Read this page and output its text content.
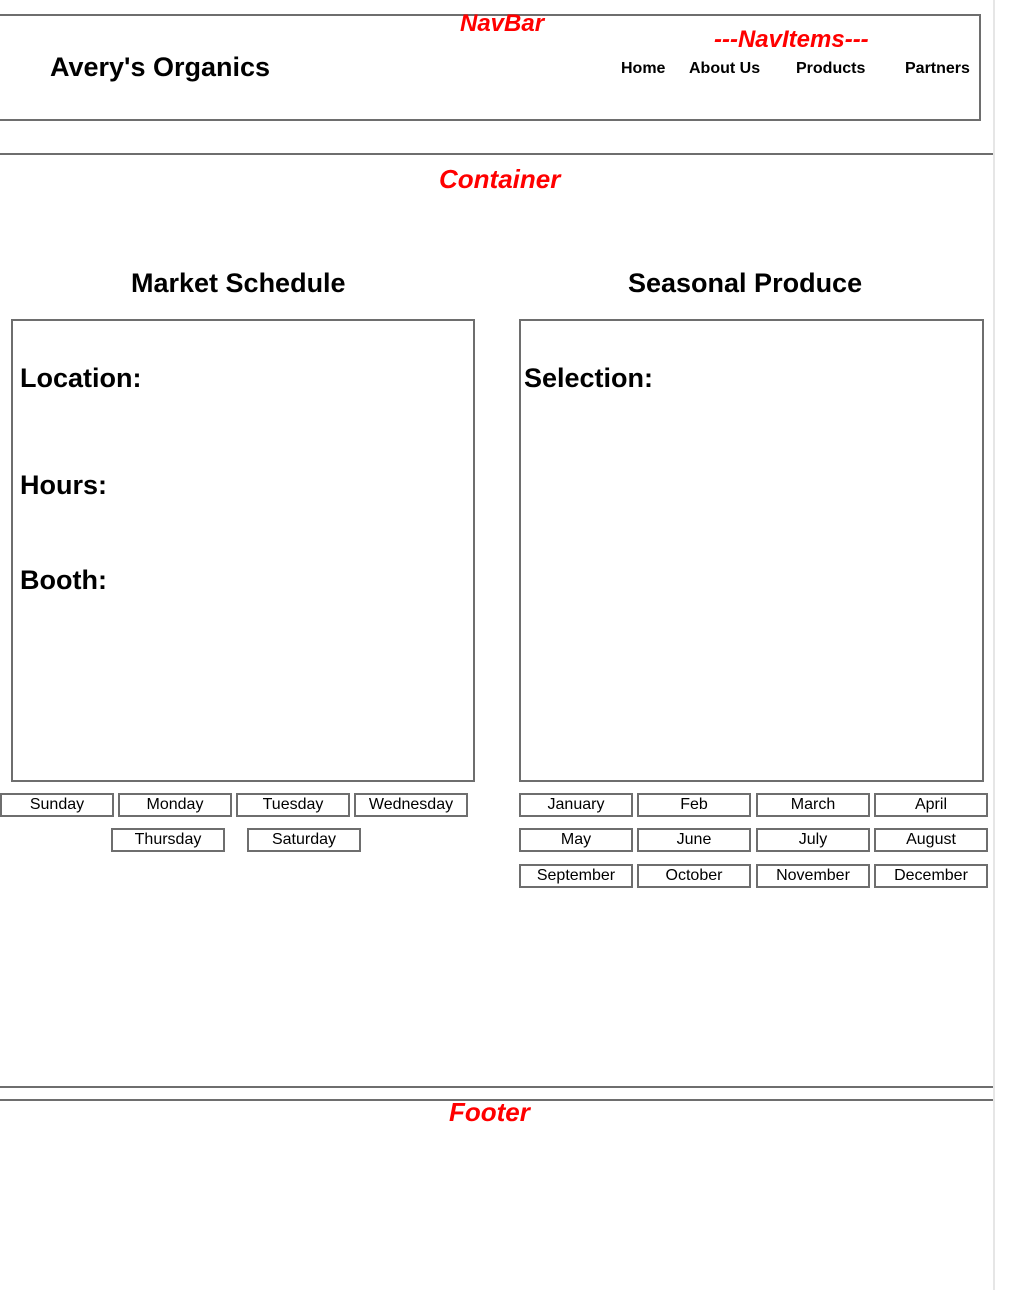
NavBar
---NavItems---
Avery's Organics	Home About Us Products Partners
Container
Market Schedule	Seasonal Produce
Location:
Hours:
Booth:
Selection:
Sunday	Monday	Tuesday	Wednesday
Thursday	Saturday
January	Feb	March	April
May	June	July	August
September	October	November	December
Footer
